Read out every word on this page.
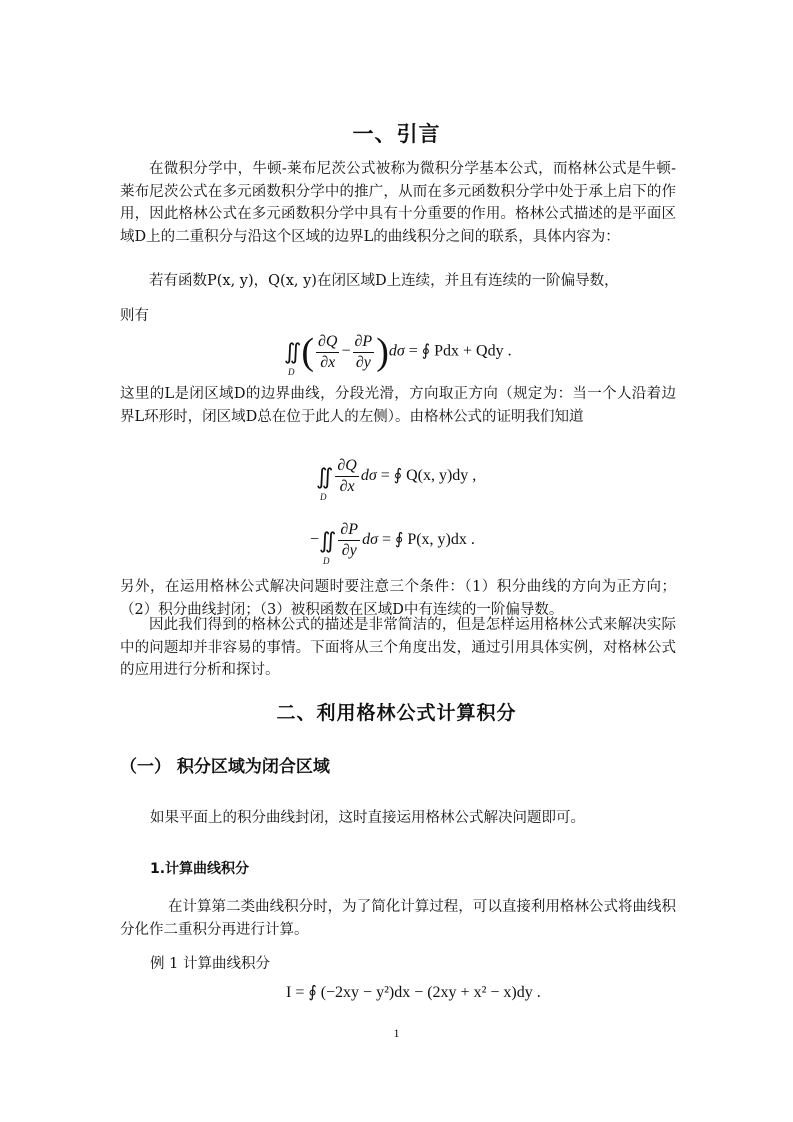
一、引言
在微积分学中，牛顿-莱布尼茨公式被称为微积分学基本公式，而格林公式是牛顿-莱布尼茨公式在多元函数积分学中的推广，从而在多元函数积分学中处于承上启下的作用，因此格林公式在多元函数积分学中具有十分重要的作用。格林公式描述的是平面区域D上的二重积分与沿这个区域的边界L的曲线积分之间的联系，具体内容为：
若有函数P(x, y)，Q(x, y)在闭区域D上连续，并且有连续的一阶偏导数，
则有
∬
D ( $\frac{\partial Q}{\partial x} - \frac{\partial P}{\partial y} )d\sigma$ = ∮ Pdx + Qdy .
这里的L是闭区域D的边界曲线，分段光滑，方向取正方向（规定为：当一个人沿着边界L环形时，闭区域D总在位于此人的左侧）。由格林公式的证明我们知道
∬
D $\frac{\partial Q}{\partial x}$ dσ = ∮ Q(x, y)dy ,
−∬
D $\frac{\partial P}{\partial y}$ dσ = ∮ P(x, y)dx .
另外，在运用格林公式解决问题时要注意三个条件：（1）积分曲线的方向为正方向；（2）积分曲线封闭；（3）被积函数在区域D中有连续的一阶偏导数。
因此我们得到的格林公式的描述是非常简洁的，但是怎样运用格林公式来解决实际中的问题却并非容易的事情。下面将从三个角度出发，通过引用具体实例，对格林公式的应用进行分析和探讨。
二、利用格林公式计算积分
（一） 积分区域为闭合区域
如果平面上的积分曲线封闭，这时直接运用格林公式解决问题即可。
1.计算曲线积分
在计算第二类曲线积分时，为了简化计算过程，可以直接利用格林公式将曲线积分化作二重积分再进行计算。
例 1 计算曲线积分
I = ∮ (−2xy − y²)dx − (2xy + x² − x)dy .
1
